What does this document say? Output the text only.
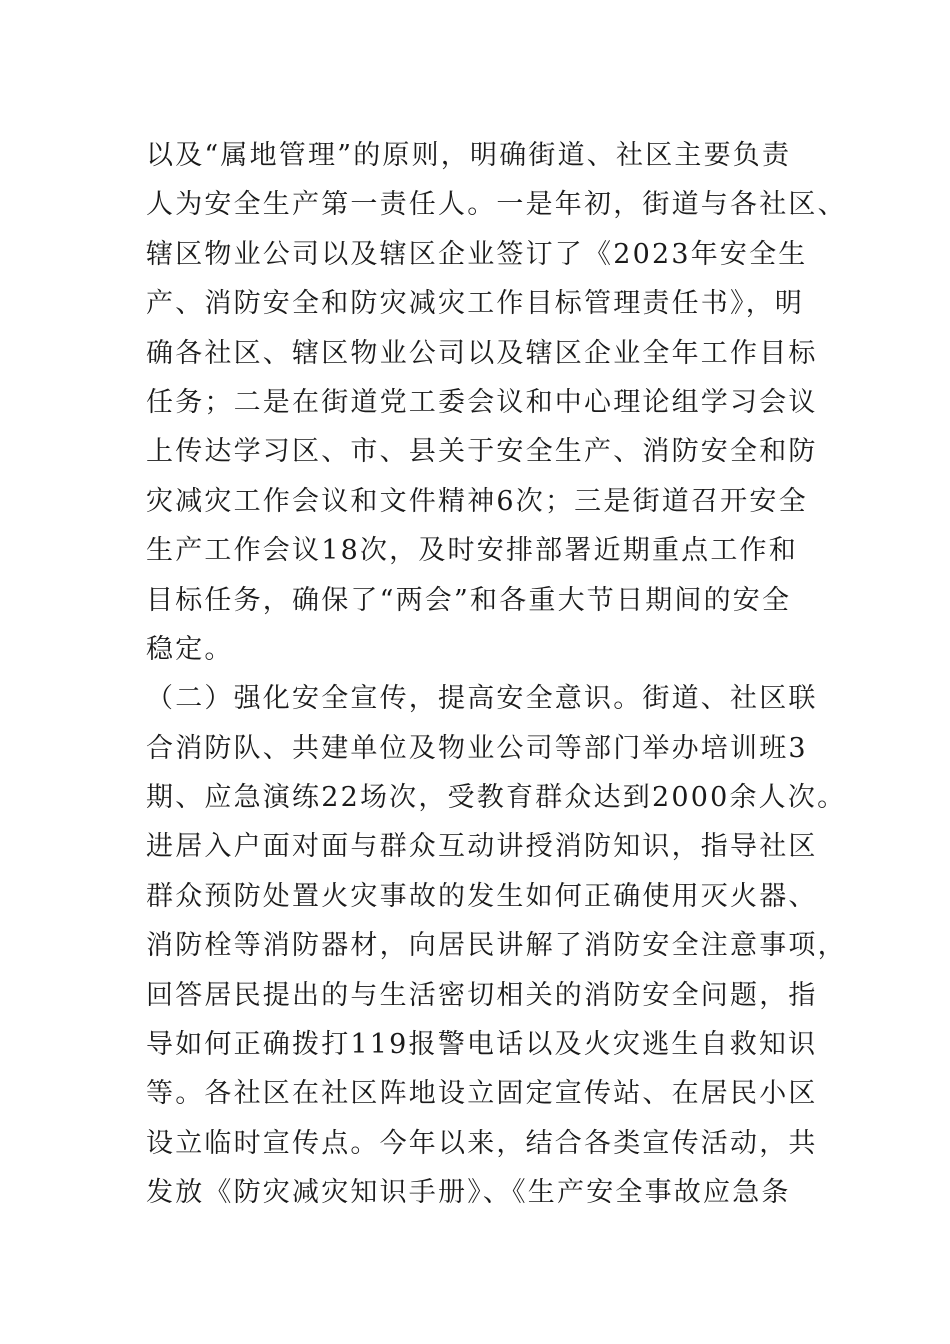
以及“属地管理”的原则，明确街道、社区主要负责
人为安全生产第一责任人。一是年初，街道与各社区、
辖区物业公司以及辖区企业签订了《2023年安全生
产、消防安全和防灾减灾工作目标管理责任书》，明
确各社区、辖区物业公司以及辖区企业全年工作目标
任务；二是在街道党工委会议和中心理论组学习会议
上传达学习区、市、县关于安全生产、消防安全和防
灾减灾工作会议和文件精神6次；三是街道召开安全
生产工作会议18次，及时安排部署近期重点工作和
目标任务，确保了“两会”和各重大节日期间的安全
稳定。
（二）强化安全宣传，提高安全意识。街道、社区联
合消防队、共建单位及物业公司等部门举办培训班3
期、应急演练22场次，受教育群众达到2000余人次。
进居入户面对面与群众互动讲授消防知识，指导社区
群众预防处置火灾事故的发生如何正确使用灭火器、
消防栓等消防器材，向居民讲解了消防安全注意事项，
回答居民提出的与生活密切相关的消防安全问题，指
导如何正确拨打119报警电话以及火灾逃生自救知识
等。各社区在社区阵地设立固定宣传站、在居民小区
设立临时宣传点。今年以来，结合各类宣传活动，共
发放《防灾减灾知识手册》、《生产安全事故应急条
